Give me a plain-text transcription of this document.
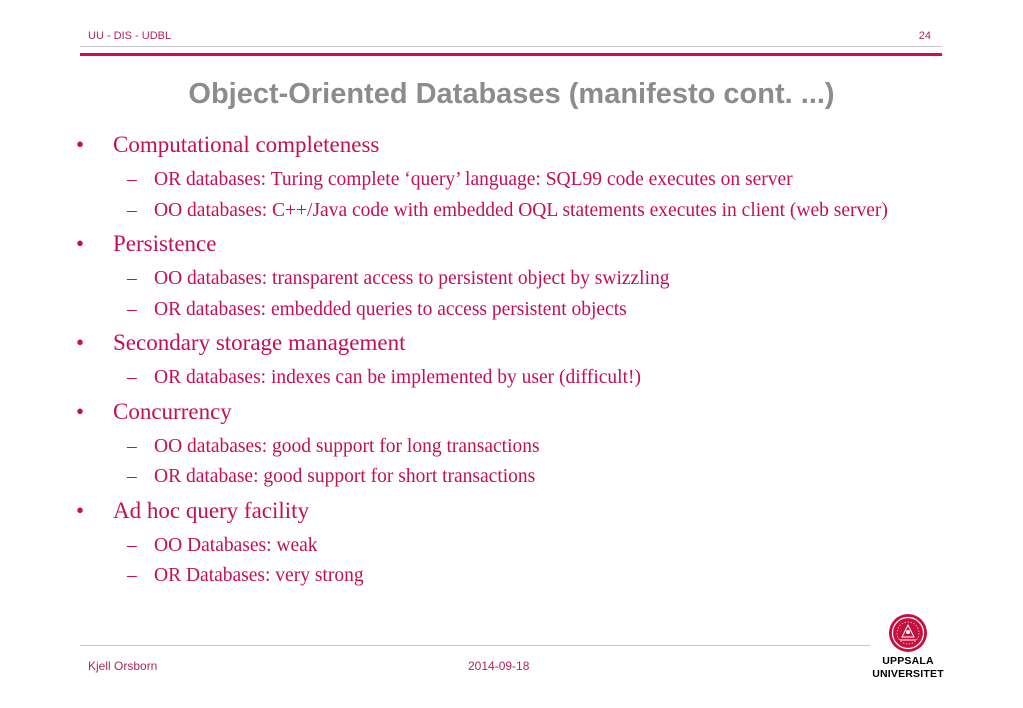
UU - DIS - UDBL	24
Object-Oriented Databases (manifesto cont. ...)
• Computational completeness
– OR databases: Turing complete ‘query’ language: SQL99 code executes on server
– OO databases: C++/Java code with embedded OQL statements executes in client (web server)
• Persistence
– OO databases: transparent access to persistent object by swizzling
– OR databases: embedded queries to access persistent objects
• Secondary storage management
– OR databases: indexes can be implemented by user (difficult!)
• Concurrency
– OO databases: good support for long transactions
– OR database: good support for short transactions
• Ad hoc query facility
– OO Databases: weak
– OR Databases: very strong
Kjell Orsborn	2014-09-18	UPPSALA
UNIVERSITET
